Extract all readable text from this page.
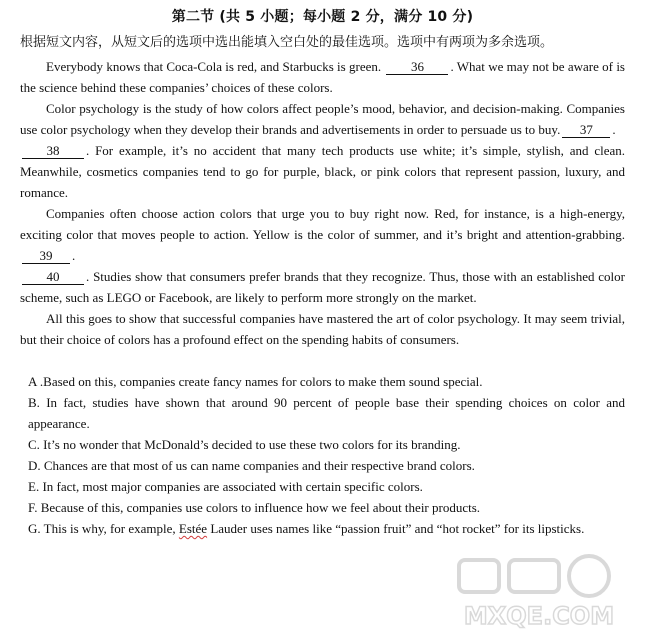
第二节 (共 5 小题；每小题 2 分，满分 10 分)
根据短文内容，从短文后的选项中选出能填入空白处的最佳选项。选项中有两项为多余选项。

Everybody knows that Coca-Cola is red, and Starbucks is green. 36 . What we may not be aware of is the science behind these companies’ choices of these colors.

Color psychology is the study of how colors affect people’s mood, behavior, and decision-making. Companies use color psychology when they develop their brands and advertisements in order to persuade us to buy. 37 .

38 . For example, it’s no accident that many tech products use white; it’s simple, stylish, and clean. Meanwhile, cosmetics companies tend to go for purple, black, or pink colors that represent passion, luxury, and romance.

Companies often choose action colors that urge you to buy right now. Red, for instance, is a high-energy, exciting color that moves people to action. Yellow is the color of summer, and it’s bright and attention-grabbing.39 .

40 . Studies show that consumers prefer brands that they recognize. Thus, those with an established color scheme, such as LEGO or Facebook, are likely to perform more strongly on the market.

All this goes to show that successful companies have mastered the art of color psychology. It may seem trivial, but their choice of colors has a profound effect on the spending habits of consumers.

A .Based on this, companies create fancy names for colors to make them sound special.

B. In fact, studies have shown that around 90 percent of people base their spending choices on color and appearance.

C. It’s no wonder that McDonald’s decided to use these two colors for its branding.

D. Chances are that most of us can name companies and their respective brand colors.

E. In fact, most major companies are associated with certain specific colors.

F. Because of this, companies use colors to influence how we feel about their products.

G. This is why, for example, Estée Lauder uses names like “passion fruit” and “hot rocket” for its lipsticks.

MXQE.COM
